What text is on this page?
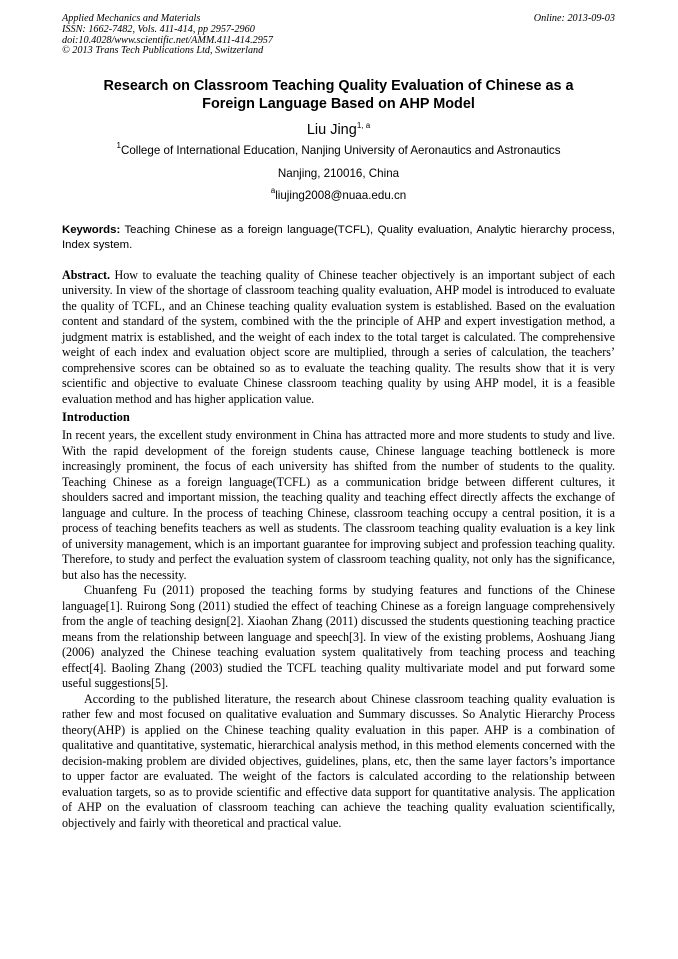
Applied Mechanics and Materials
ISSN: 1662-7482, Vols. 411-414, pp 2957-2960
doi:10.4028/www.scientific.net/AMM.411-414.2957
© 2013 Trans Tech Publications Ltd, Switzerland
Online: 2013-09-03
Research on Classroom Teaching Quality Evaluation of Chinese as a
Foreign Language Based on AHP Model
Liu Jing$^{1, a}$
$^1$College of International Education, Nanjing University of Aeronautics and Astronautics
Nanjing, 210016, China
$^a$liujing2008@nuaa.edu.cn

Keywords: Teaching Chinese as a foreign language(TCFL), Quality evaluation, Analytic hierarchy process, Index system.

Abstract. How to evaluate the teaching quality of Chinese teacher objectively is an important subject of each university. In view of the shortage of classroom teaching quality evaluation, AHP model is introduced to evaluate the quality of TCFL, and an Chinese teaching quality evaluation system is established. Based on the evaluation content and standard of the system, combined with the the principle of AHP and expert investigation method, a judgment matrix is established, and the weight of each index to the total target is calculated. The comprehensive weight of each index and evaluation object score are multiplied, through a series of calculation, the teachers’ comprehensive scores can be obtained so as to evaluate the teaching quality. The results show that it is very scientific and objective to evaluate Chinese classroom teaching quality by using AHP model, it is a feasible evaluation method and has higher application value.

Introduction

In recent years, the excellent study environment in China has attracted more and more students to study and live. With the rapid development of the foreign students cause, Chinese language teaching bottleneck is more increasingly prominent, the focus of each university has shifted from the number of students to the quality. Teaching Chinese as a foreign language(TCFL) as a communication bridge between different cultures, it shoulders sacred and important mission, the teaching quality and teaching effect directly affects the exchange of language and culture. In the process of teaching Chinese, classroom teaching occupy a central position, it is a process of teaching benefits teachers as well as students. The classroom teaching quality evaluation is a key link of university management, which is an important guarantee for improving subject and profession teaching quality. Therefore, to study and perfect the evaluation system of classroom teaching quality, not only has the significance, but also has the necessity.

Chuanfeng Fu (2011) proposed the teaching forms by studying features and functions of the Chinese language[1]. Ruirong Song (2011) studied the effect of teaching Chinese as a foreign language comprehensively from the angle of teaching design[2]. Xiaohan Zhang (2011) discussed the students questioning teaching practice means from the relationship between language and speech[3]. In view of the existing problems, Aoshuang Jiang (2006) analyzed the Chinese teaching evaluation system qualitatively from teaching process and teaching effect[4]. Baoling Zhang (2003) studied the TCFL teaching quality multivariate model and put forward some useful suggestions[5].

According to the published literature, the research about Chinese classroom teaching quality evaluation is rather few and most focused on qualitative evaluation and Summary discusses. So Analytic Hierarchy Process theory(AHP) is applied on the Chinese teaching quality evaluation in this paper. AHP is a combination of qualitative and quantitative, systematic, hierarchical analysis method, in this method elements concerned with the decision-making problem are divided objectives, guidelines, plans, etc, then the same layer factors’s importance to upper factor are evaluated. The weight of the factors is calculated according to the relationship between evaluation targets, so as to provide scientific and effective data support for quantitative analysis. The application of AHP on the evaluation of classroom teaching can achieve the teaching quality evaluation scientifically, objectively and fairly with theoretical and practical value.
